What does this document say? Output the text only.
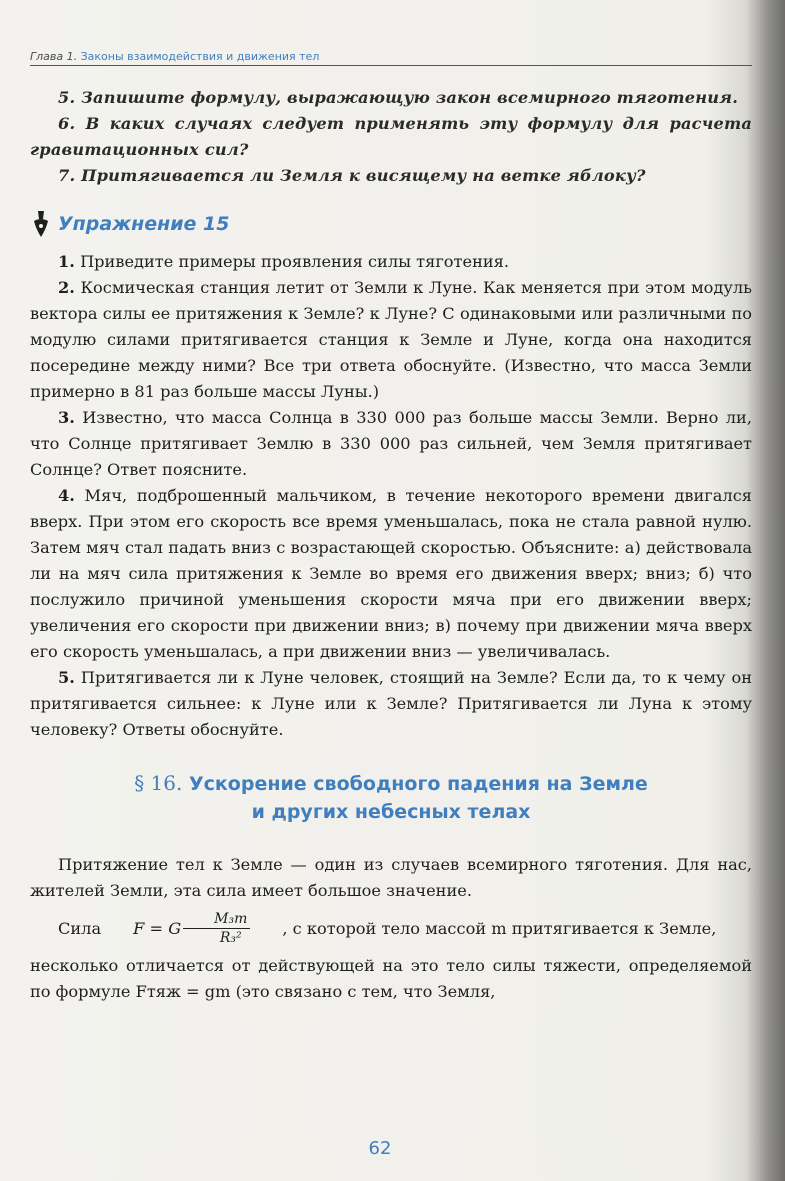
Глава 1. Законы взаимодействия и движения тел

5. Запишите формулу, выражающую закон всемирного тяготения.

6. В каких случаях следует применять эту формулу для расчета гравитационных сил?

7. Притягивается ли Земля к висящему на ветке яблоку?

Упражнение 15

1. Приведите примеры проявления силы тяготения.

2. Космическая станция летит от Земли к Луне. Как меняется при этом модуль вектора силы ее притяжения к Земле? к Луне? С одинаковыми или различными по модулю силами притягивается станция к Земле и Луне, когда она находится посередине между ними? Все три ответа обоснуйте. (Известно, что масса Земли примерно в 81 раз больше массы Луны.)

3. Известно, что масса Солнца в 330 000 раз больше массы Земли. Верно ли, что Солнце притягивает Землю в 330 000 раз сильней, чем Земля притягивает Солнце? Ответ поясните.

4. Мяч, подброшенный мальчиком, в течение некоторого времени двигался вверх. При этом его скорость все время уменьшалась, пока не стала равной нулю. Затем мяч стал падать вниз с возрастающей скоростью. Объясните: а) действовала ли на мяч сила притяжения к Земле во время его движения вверх; вниз; б) что послужило причиной уменьшения скорости мяча при его движении вверх; увеличения его скорости при движении вниз; в) почему при движении мяча вверх его скорость уменьшалась, а при движении вниз — увеличивалась.

5. Притягивается ли к Луне человек, стоящий на Земле? Если да, то к чему он притягивается сильнее: к Луне или к Земле? Притягивается ли Луна к этому человеку? Ответы обоснуйте.

§ 16. Ускорение свободного падения на Земле
и других небесных телах

Притяжение тел к Земле — один из случаев всемирного тяготения. Для нас, жителей Земли, эта сила имеет большое значение.

Сила	F = G $\frac{\text{M₃m}}{\text{R₃²}}$	, с которой тело массой m притягивается к Земле,

несколько отличается от действующей на это тело силы тяжести, определяемой по формуле Fтяж = gm (это связано с тем, что Земля,

62
